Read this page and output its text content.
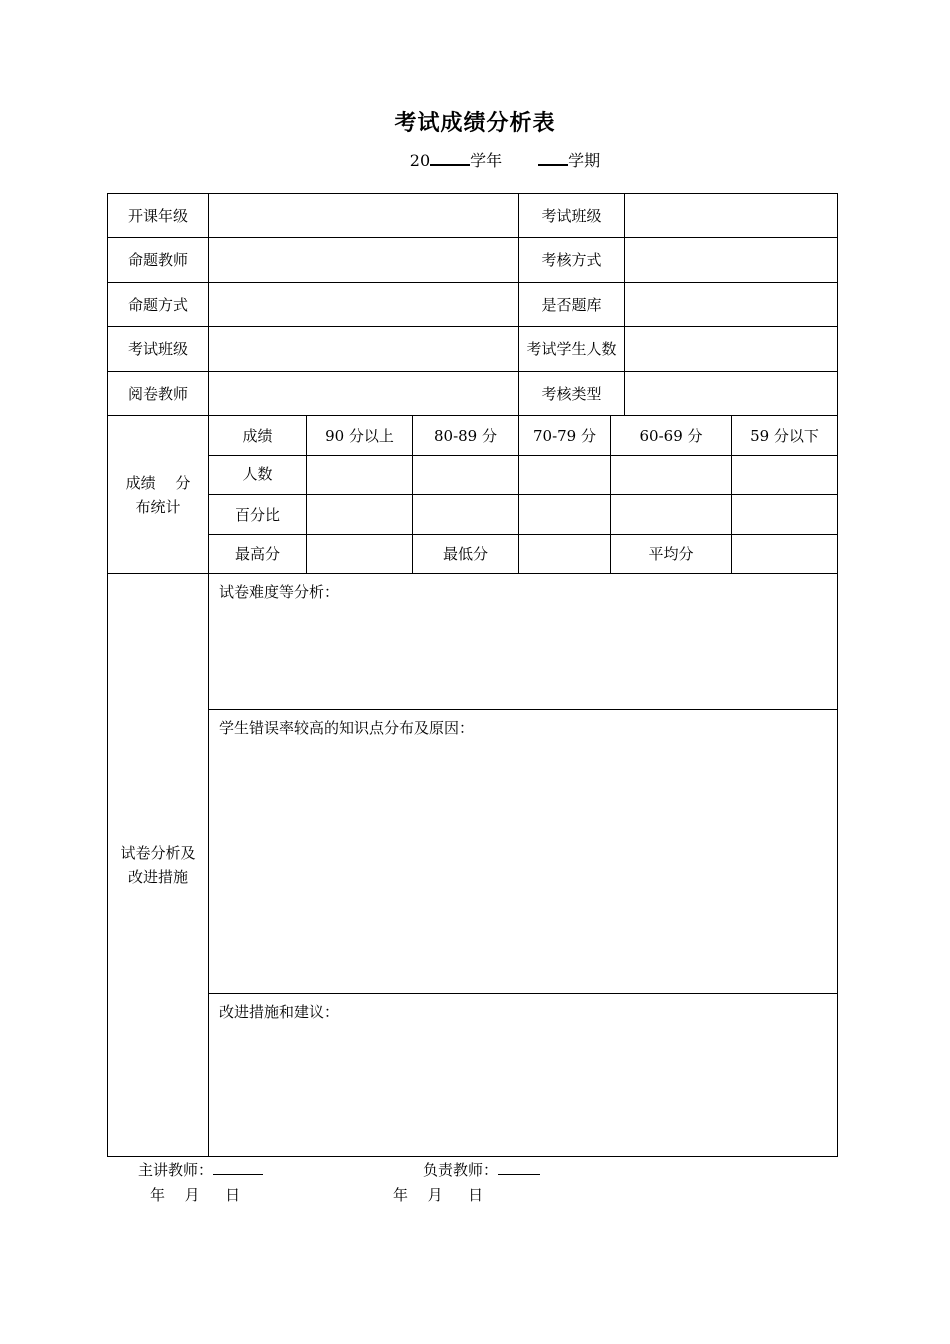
考试成绩分析表
20	学年	学期
开课年级				考试班级			
命题教师				考核方式			
命题方式				是否题库			
考试班级				考试学生人数			
阅卷教师				考核类型			
成绩　 分布统计	成绩	90 分以上	80-89 分	70-79 分	60-69 分		59 分以下
	人数						
	百分比						
	最高分		最低分		平均分		
试卷分析及改进措施	试卷难度等分析：						
	学生错误率较高的知识点分布及原因：						
	改进措施和建议：						
主讲教师：	负责教师：
年 月 日	年 月 日
